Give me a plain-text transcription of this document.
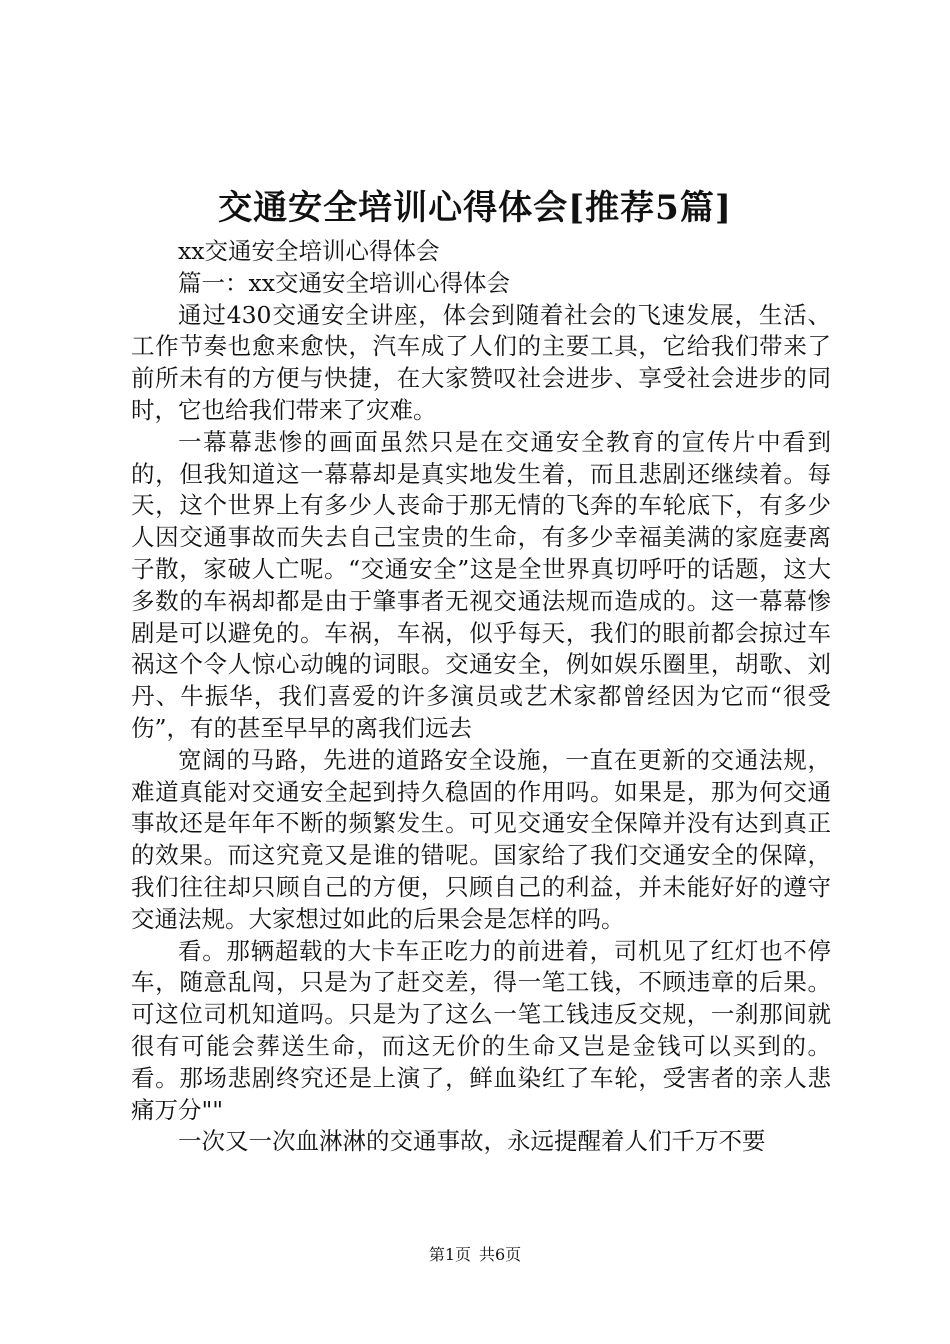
交通安全培训心得体会[推荐5篇]

xx交通安全培训心得体会

篇一：xx交通安全培训心得体会

通过430交通安全讲座，体会到随着社会的飞速发展，生活、工作节奏也愈来愈快，汽车成了人们的主要工具，它给我们带来了前所未有的方便与快捷，在大家赞叹社会进步、享受社会进步的同时，它也给我们带来了灾难。

一幕幕悲惨的画面虽然只是在交通安全教育的宣传片中看到的，但我知道这一幕幕却是真实地发生着，而且悲剧还继续着。每天，这个世界上有多少人丧命于那无情的飞奔的车轮底下，有多少人因交通事故而失去自己宝贵的生命，有多少幸福美满的家庭妻离子散，家破人亡呢。“交通安全”这是全世界真切呼吁的话题，这大多数的车祸却都是由于肇事者无视交通法规而造成的。这一幕幕惨剧是可以避免的。车祸，车祸，似乎每天，我们的眼前都会掠过车祸这个令人惊心动魄的词眼。交通安全，例如娱乐圈里，胡歌、刘丹、牛振华，我们喜爱的许多演员或艺术家都曾经因为它而“很受伤”，有的甚至早早的离我们远去

宽阔的马路，先进的道路安全设施，一直在更新的交通法规，难道真能对交通安全起到持久稳固的作用吗。如果是，那为何交通事故还是年年不断的频繁发生。可见交通安全保障并没有达到真正的效果。而这究竟又是谁的错呢。国家给了我们交通安全的保障，我们往往却只顾自己的方便，只顾自己的利益，并未能好好的遵守交通法规。大家想过如此的后果会是怎样的吗。

看。那辆超载的大卡车正吃力的前进着，司机见了红灯也不停车，随意乱闯，只是为了赶交差，得一笔工钱，不顾违章的后果。可这位司机知道吗。只是为了这么一笔工钱违反交规，一刹那间就很有可能会葬送生命，而这无价的生命又岂是金钱可以买到的。看。那场悲剧终究还是上演了，鲜血染红了车轮，受害者的亲人悲痛万分""

一次又一次血淋淋的交通事故，永远提醒着人们千万不要

第1页 共6页
